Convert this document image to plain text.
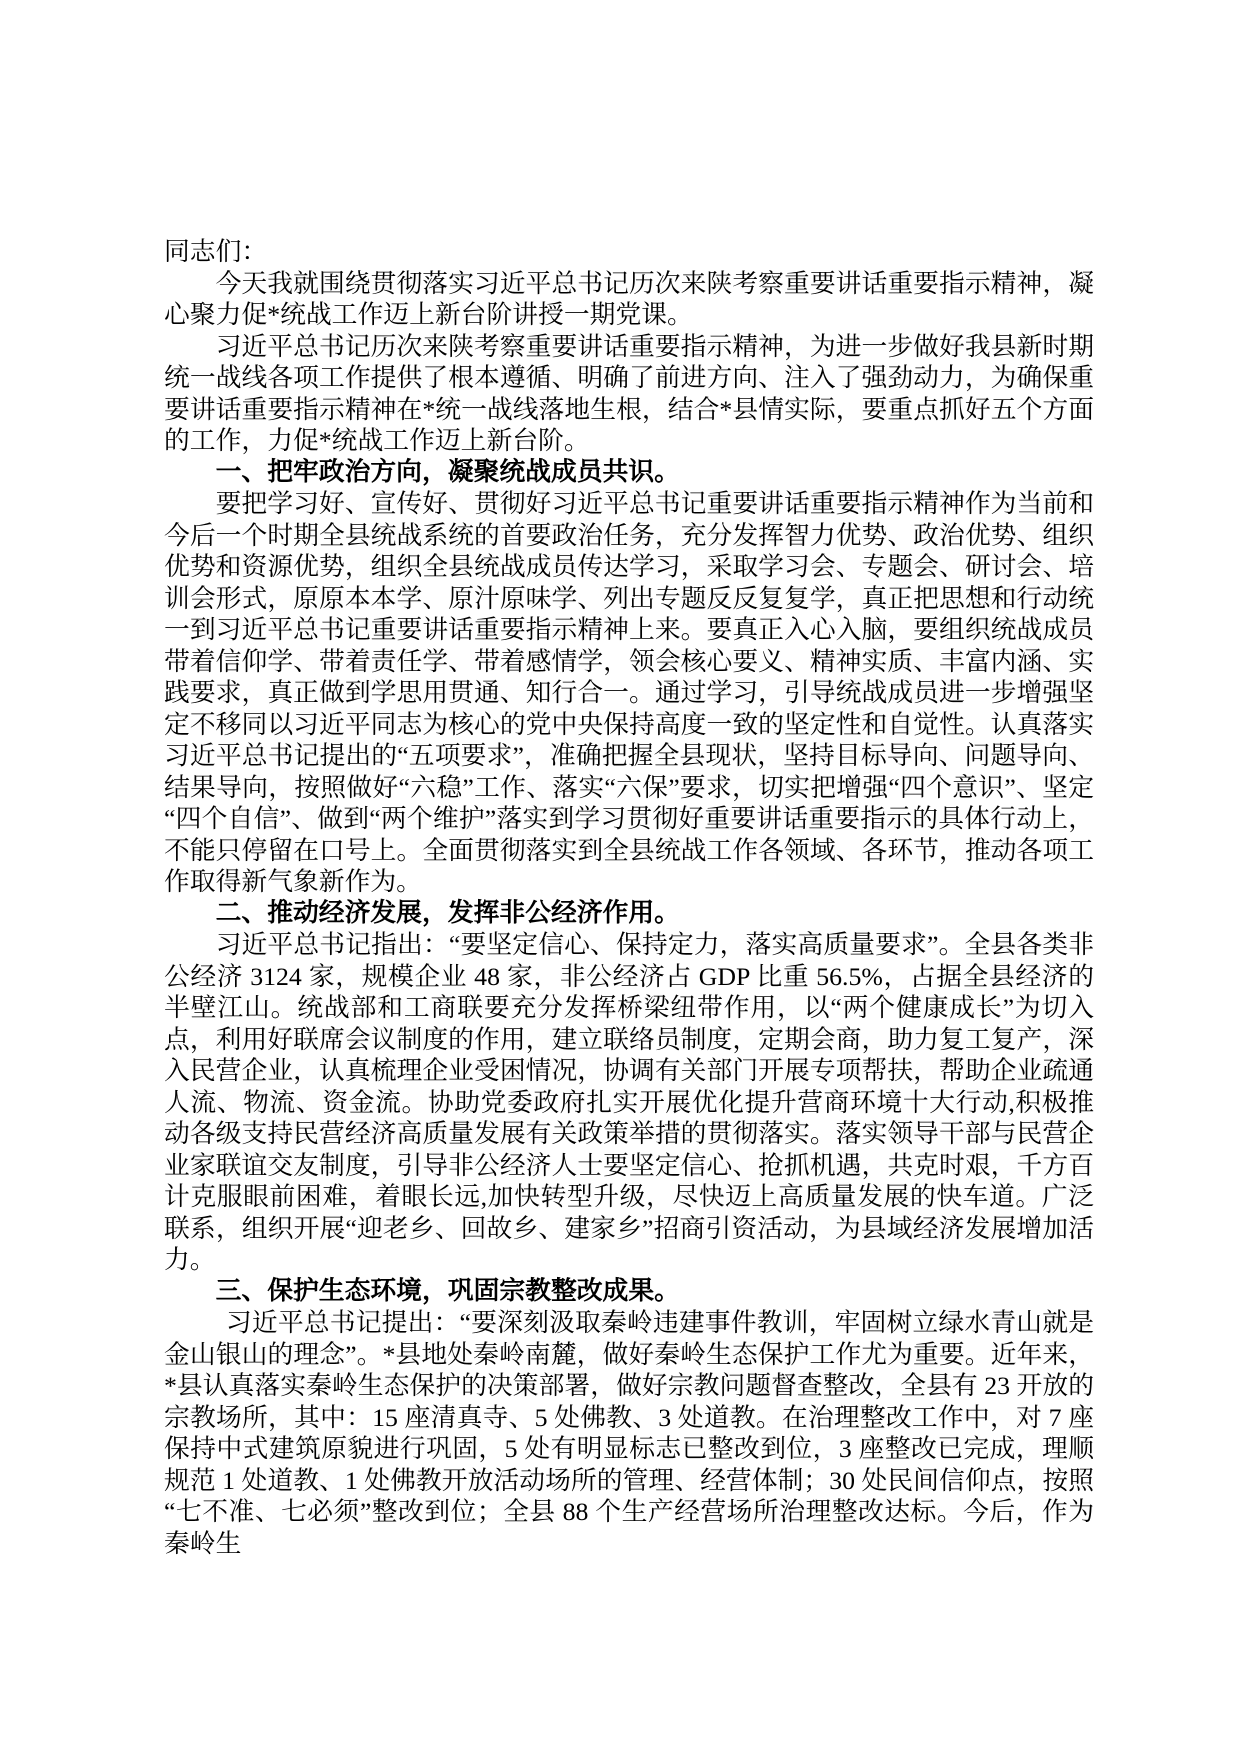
同志们：

今天我就围绕贯彻落实习近平总书记历次来陕考察重要讲话重要指示精神，凝心聚力促*统战工作迈上新台阶讲授一期党课。

习近平总书记历次来陕考察重要讲话重要指示精神，为进一步做好我县新时期统一战线各项工作提供了根本遵循、明确了前进方向、注入了强劲动力，为确保重要讲话重要指示精神在*统一战线落地生根，结合*县情实际，要重点抓好五个方面的工作，力促*统战工作迈上新台阶。

一、把牢政治方向，凝聚统战成员共识。

要把学习好、宣传好、贯彻好习近平总书记重要讲话重要指示精神作为当前和今后一个时期全县统战系统的首要政治任务，充分发挥智力优势、政治优势、组织优势和资源优势，组织全县统战成员传达学习，采取学习会、专题会、研讨会、培训会形式，原原本本学、原汁原味学、列出专题反反复复学，真正把思想和行动统一到习近平总书记重要讲话重要指示精神上来。要真正入心入脑，要组织统战成员带着信仰学、带着责任学、带着感情学，领会核心要义、精神实质、丰富内涵、实践要求，真正做到学思用贯通、知行合一。通过学习，引导统战成员进一步增强坚定不移同以习近平同志为核心的党中央保持高度一致的坚定性和自觉性。认真落实习近平总书记提出的“五项要求”，准确把握全县现状，坚持目标导向、问题导向、结果导向，按照做好“六稳”工作、落实“六保”要求，切实把增强“四个意识”、坚定“四个自信”、做到“两个维护”落实到学习贯彻好重要讲话重要指示的具体行动上，不能只停留在口号上。全面贯彻落实到全县统战工作各领域、各环节，推动各项工作取得新气象新作为。

二、推动经济发展，发挥非公经济作用。

习近平总书记指出：“要坚定信心、保持定力，落实高质量要求”。全县各类非公经济 3124 家，规模企业 48 家，非公经济占 GDP 比重 56.5%，占据全县经济的半壁江山。统战部和工商联要充分发挥桥梁纽带作用，以“两个健康成长”为切入点，利用好联席会议制度的作用，建立联络员制度，定期会商，助力复工复产，深入民营企业，认真梳理企业受困情况，协调有关部门开展专项帮扶，帮助企业疏通人流、物流、资金流。协助党委政府扎实开展优化提升营商环境十大行动,积极推动各级支持民营经济高质量发展有关政策举措的贯彻落实。落实领导干部与民营企业家联谊交友制度，引导非公经济人士要坚定信心、抢抓机遇，共克时艰，千方百计克服眼前困难，着眼长远,加快转型升级，尽快迈上高质量发展的快车道。广泛联系，组织开展“迎老乡、回故乡、建家乡”招商引资活动，为县域经济发展增加活力。

三、保护生态环境，巩固宗教整改成果。

习近平总书记提出：“要深刻汲取秦岭违建事件教训，牢固树立绿水青山就是金山银山的理念”。*县地处秦岭南麓，做好秦岭生态保护工作尤为重要。近年来，*县认真落实秦岭生态保护的决策部署，做好宗教问题督查整改，全县有 23 开放的宗教场所，其中：15 座清真寺、5 处佛教、3 处道教。在治理整改工作中，对 7 座保持中式建筑原貌进行巩固，5 处有明显标志已整改到位，3 座整改已完成，理顺规范 1 处道教、1 处佛教开放活动场所的管理、经营体制；30 处民间信仰点，按照“七不准、七必须”整改到位；全县 88 个生产经营场所治理整改达标。今后，作为秦岭生
